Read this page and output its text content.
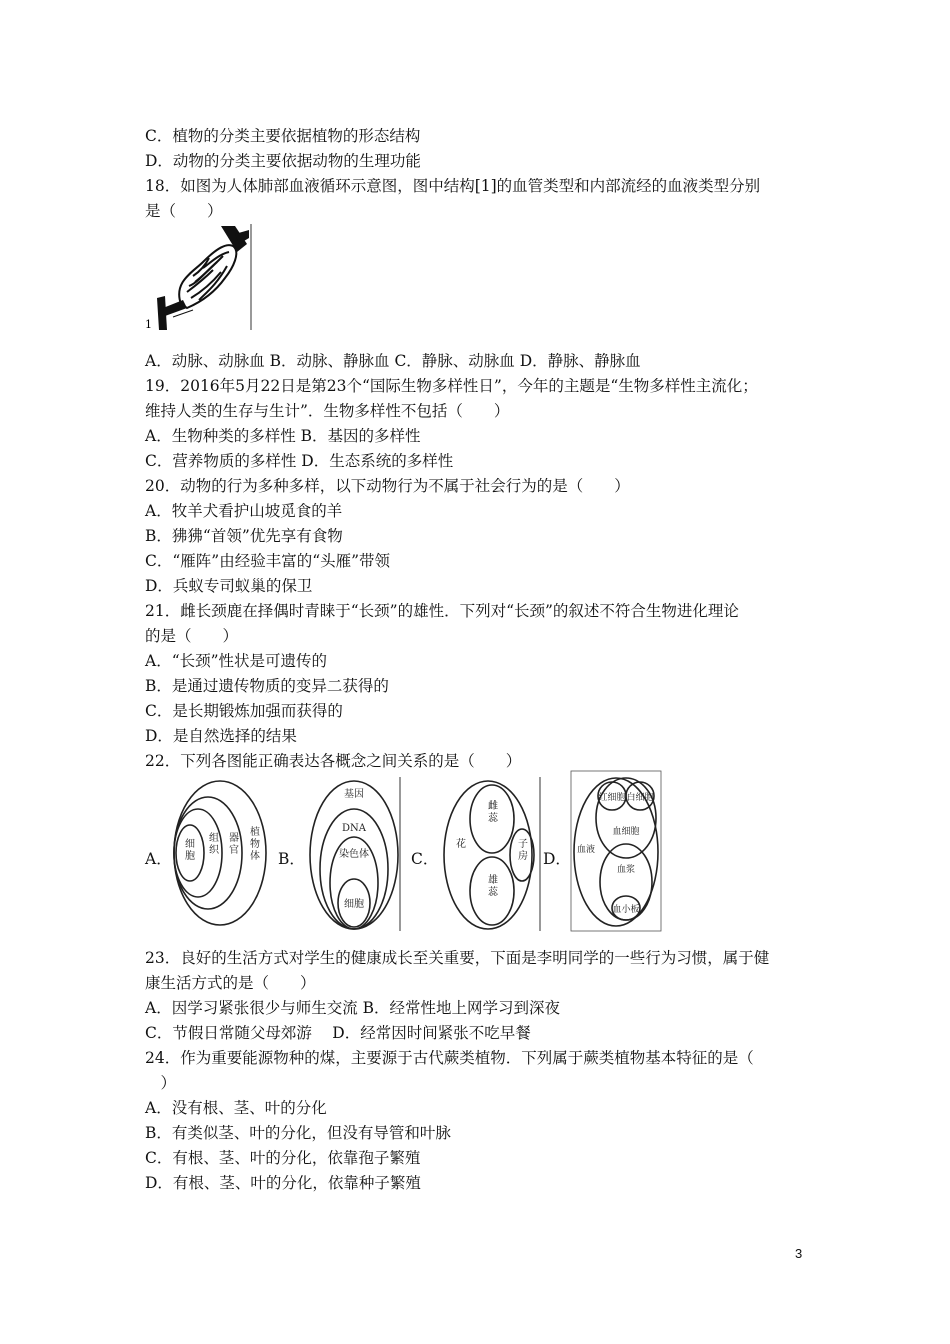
C．植物的分类主要依据植物的形态结构
D．动物的分类主要依据动物的生理功能
18．如图为人体肺部血液循环示意图，图中结构[1]的血管类型和内部流经的血液类型分别
是（　　）
1
A．动脉、动脉血 B．动脉、静脉血 C．静脉、动脉血 D．静脉、静脉血
19．2016年5月22日是第23个“国际生物多样性日”，今年的主题是“生物多样性主流化；
维持人类的生存与生计”．生物多样性不包括（　　）
A．生物种类的多样性 B．基因的多样性
C．营养物质的多样性 D．生态系统的多样性
20．动物的行为多种多样，以下动物行为不属于社会行为的是（　　）
A．牧羊犬看护山坡觅食的羊
B．狒狒“首领”优先享有食物
C．“雁阵”由经验丰富的“头雁”带领
D．兵蚁专司蚁巢的保卫
21．雌长颈鹿在择偶时青睐于“长颈”的雄性．下列对“长颈”的叙述不符合生物进化理论
的是（　　）
A．“长颈”性状是可遗传的
B．是通过遗传物质的变异二获得的
C．是长期锻炼加强而获得的
D．是自然选择的结果
22．下列各图能正确表达各概念之间关系的是（　　）
A．	B．	C．	D．
细胞
组织
器官
植物体
基因
DNA
染色体
细胞
花
雌蕊
雄蕊
子房
血液
红细胞 白细胞
血细胞
血浆
血小板
23．良好的生活方式对学生的健康成长至关重要，下面是李明同学的一些行为习惯，属于健
康生活方式的是（　　）
A．因学习紧张很少与师生交流 B．经常性地上网学习到深夜
C．节假日常随父母郊游　 D．经常因时间紧张不吃早餐
24．作为重要能源物种的煤，主要源于古代蕨类植物．下列属于蕨类植物基本特征的是（
　）
A．没有根、茎、叶的分化
B．有类似茎、叶的分化，但没有导管和叶脉
C．有根、茎、叶的分化，依靠孢子繁殖
D．有根、茎、叶的分化，依靠种子繁殖
3
